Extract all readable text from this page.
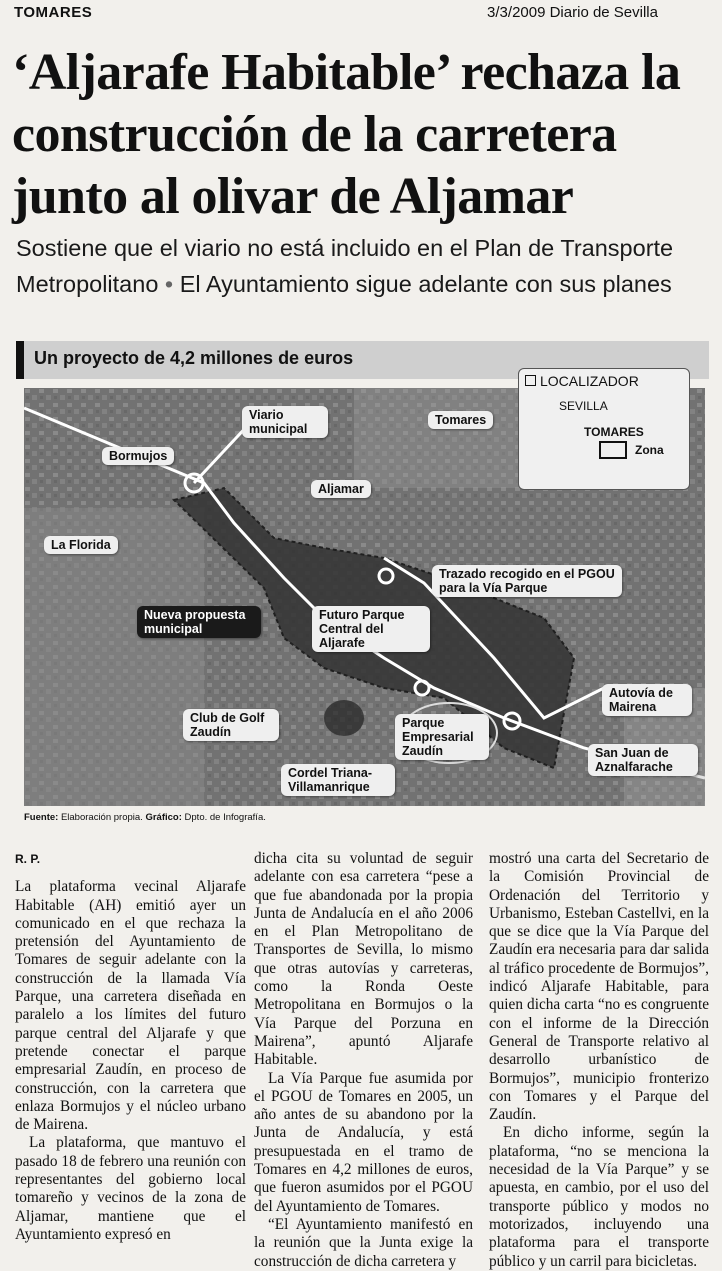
TOMARES	3/3/2009 Diario de Sevilla
‘Aljarafe Habitable’ rechaza la
construcción de la carretera
junto al olivar de Aljamar
Sostiene que el viario no está incluido en el Plan de Transporte
Metropolitano • El Ayuntamiento sigue adelante con sus planes
Un proyecto de 4,2 millones de euros
Viario municipal
Tomares
Bormujos
Aljamar
La Florida
Trazado recogido en el PGOU para la Vía Parque
Nueva propuesta municipal
Futuro Parque Central del Aljarafe
Club de Golf Zaudín
Parque Empresarial Zaudín
Autovía de Mairena
San Juan de Aznalfarache
Cordel Triana-Villamanrique
LOCALIZADOR
SEVILLA
TOMARES
Zona
Fuente: Elaboración propia. Gráfico: Dpto. de Infografía.
R. P.

La plataforma vecinal Aljarafe Habitable (AH) emitió ayer un comunicado en el que rechaza la pretensión del Ayuntamiento de Tomares de seguir adelante con la construcción de la llamada Vía Parque, una carretera diseñada en paralelo a los límites del futuro parque central del Aljarafe y que pretende conectar el parque empresarial Zaudín, en proceso de construcción, con la carretera que enlaza Bormujos y el núcleo urbano de Mairena.

La plataforma, que mantuvo el pasado 18 de febrero una reunión con representantes del gobierno local tomareño y vecinos de la zona de Aljamar, mantiene que el Ayuntamiento expresó en

dicha cita su voluntad de seguir adelante con esa carretera “pese a que fue abandonada por la propia Junta de Andalucía en el año 2006 en el Plan Metropolitano de Transportes de Sevilla, lo mismo que otras autovías y carreteras, como la Ronda Oeste Metropolitana en Bormujos o la Vía Parque del Porzuna en Mairena”, apuntó Aljarafe Habitable.

La Vía Parque fue asumida por el PGOU de Tomares en 2005, un año antes de su abandono por la Junta de Andalucía, y está presupuestada en el tramo de Tomares en 4,2 millones de euros, que fueron asumidos por el PGOU del Ayuntamiento de Tomares.

“El Ayuntamiento manifestó en la reunión que la Junta exige la construcción de dicha carretera y

mostró una carta del Secretario de la Comisión Provincial de Ordenación del Territorio y Urbanismo, Esteban Castellvi, en la que se dice que la Vía Parque del Zaudín era necesaria para dar salida al tráfico procedente de Bormujos”, indicó Aljarafe Habitable, para quien dicha carta “no es congruente con el informe de la Dirección General de Transporte relativo al desarrollo urbanístico de Bormujos”, municipio fronterizo con Tomares y el Parque del Zaudín.

En dicho informe, según la plataforma, “no se menciona la necesidad de la Vía Parque” y se apuesta, en cambio, por el uso del transporte público y modos no motorizados, incluyendo una plataforma para el transporte público y un carril para bicicletas.
